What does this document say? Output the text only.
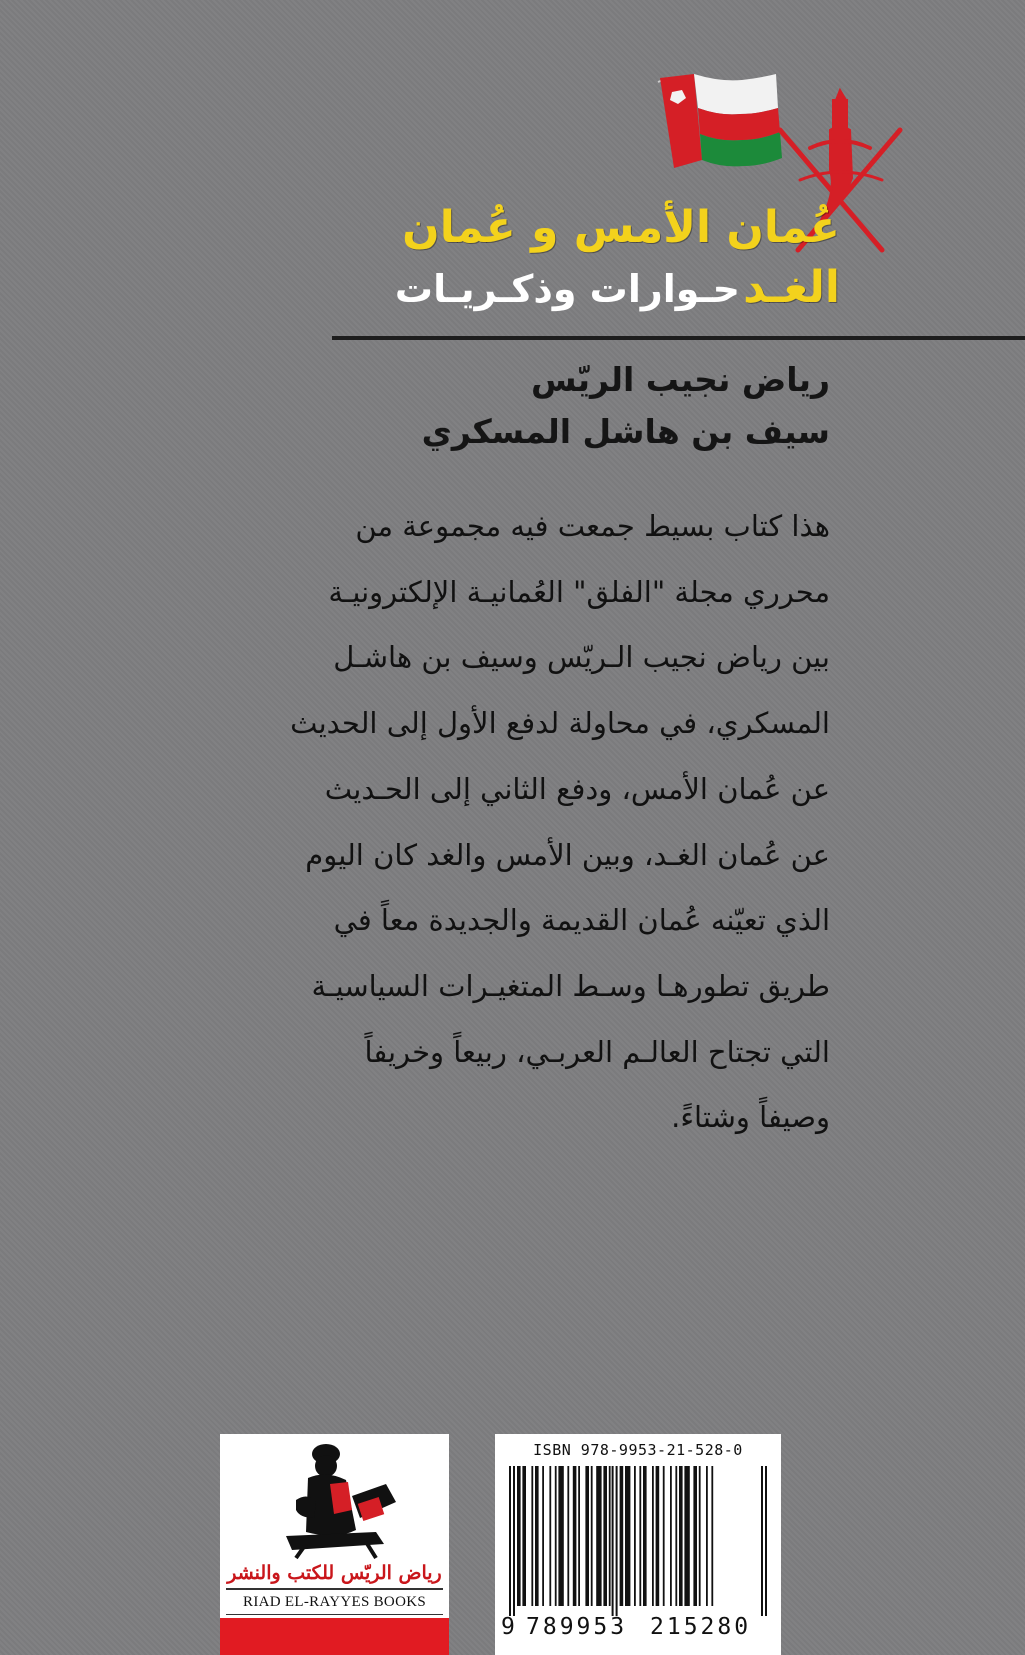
عُمان الأمس و عُمان الغـد
حـوارات وذكـريـات
رياض نجيب الريّس
سيف بن هاشل المسكري
هذا كتاب بسيط جمعت فيه مجموعة من
محرري مجلة "الفلق" العُمانيـة الإلكترونيـة
بين رياض نجيب الـريّس وسيف بن هاشـل
المسكري، في محاولة لدفع الأول إلى الحديث
عن عُمان الأمس، ودفع الثاني إلى الحـديث
عن عُمان الغـد، وبين الأمس والغد كان اليوم
الذي تعيّنه عُمان القديمة والجديدة معاً في
طريق تطورهـا وسـط المتغيـرات السياسيـة
التي تجتاح العالـم العربـي، ربيعاً وخريفاً
وصيفاً وشتاءً.
رياض الريّس للكتب والنشر
RIAD EL-RAYYES BOOKS
ISBN 978-9953-21-528-0
9 789953 215280
